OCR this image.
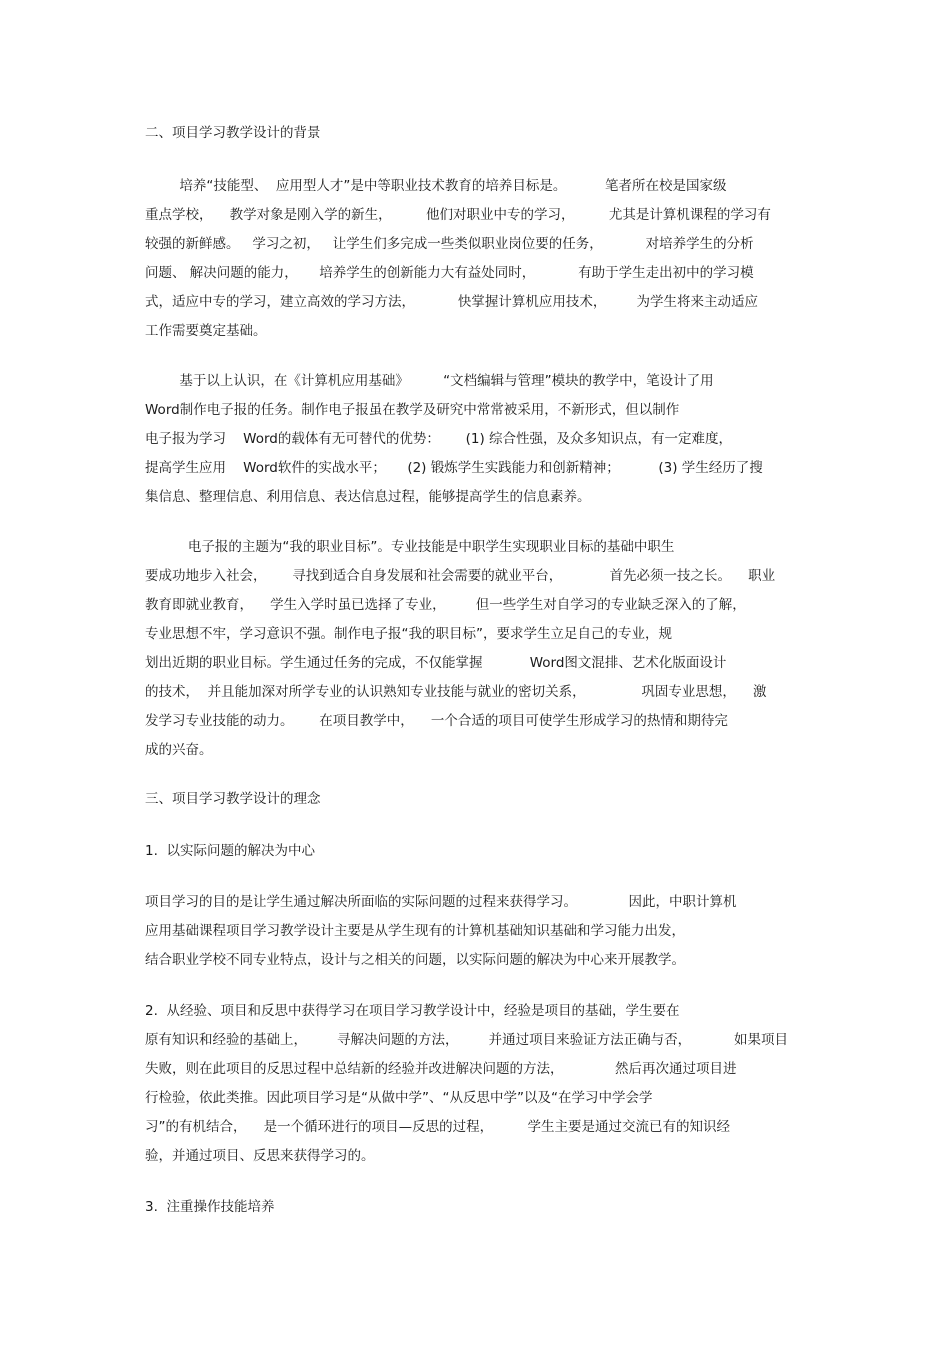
二、项目学习教学设计的背景
培养“技能型、  应用型人才”是中等职业技术教育的培养目标是。         笔者所在校是国家级
重点学校，    教学对象是刚入学的新生，        他们对职业中专的学习，        尤其是计算机课程的学习有
较强的新鲜感。   学习之初，   让学生们多完成一些类似职业岗位要的任务，          对培养学生的分析
问题、 解决问题的能力，     培养学生的创新能力大有益处同时，          有助于学生走出初中的学习模
式，适应中专的学习，建立高效的学习方法，          快掌握计算机应用技术，       为学生将来主动适应
工作需要奠定基础。
基于以上认识，在《计算机应用基础》        “文档编辑与管理”模块的教学中，笔设计了用
Word制作电子报的任务。制作电子报虽在教学及研究中常常被采用，不新形式，但以制作
电子报为学习    Word的载体有无可替代的优势：      (1) 综合性强，及众多知识点，有一定难度，
提高学生应用    Word软件的实战水平；     (2) 锻炼学生实践能力和创新精神；         (3) 学生经历了搜
集信息、整理信息、利用信息、表达信息过程，能够提高学生的信息素养。
电子报的主题为“我的职业目标”。专业技能是中职学生实现职业目标的基础中职生
要成功地步入社会，      寻找到适合自身发展和社会需要的就业平台，           首先必须一技之长。    职业
教育即就业教育，    学生入学时虽已选择了专业，       但一些学生对自学习的专业缺乏深入的了解，
专业思想不牢，学习意识不强。制作电子报“我的职目标”，要求学生立足自己的专业，规
划出近期的职业目标。学生通过任务的完成，不仅能掌握           Word图文混排、艺术化版面设计
的技术，  并且能加深对所学专业的认识熟知专业技能与就业的密切关系，             巩固专业思想，    激
发学习专业技能的动力。      在项目教学中，    一个合适的项目可使学生形成学习的热情和期待完
成的兴奋。
三、项目学习教学设计的理念
1.  以实际问题的解决为中心
项目学习的目的是让学生通过解决所面临的实际问题的过程来获得学习。            因此，中职计算机
应用基础课程项目学习教学设计主要是从学生现有的计算机基础知识基础和学习能力出发，
结合职业学校不同专业特点，设计与之相关的问题，以实际问题的解决为中心来开展教学。
2.  从经验、项目和反思中获得学习在项目学习教学设计中，经验是项目的基础，学生要在
原有知识和经验的基础上，       寻解决问题的方法，       并通过项目来验证方法正确与否，          如果项目
失败，则在此项目的反思过程中总结新的经验并改进解决问题的方法，            然后再次通过项目进
行检验，依此类推。因此项目学习是“从做中学”、“从反思中学”以及“在学习中学会学
习”的有机结合，    是一个循环进行的项目—反思的过程，        学生主要是通过交流已有的知识经
验，并通过项目、反思来获得学习的。
3.  注重操作技能培养
